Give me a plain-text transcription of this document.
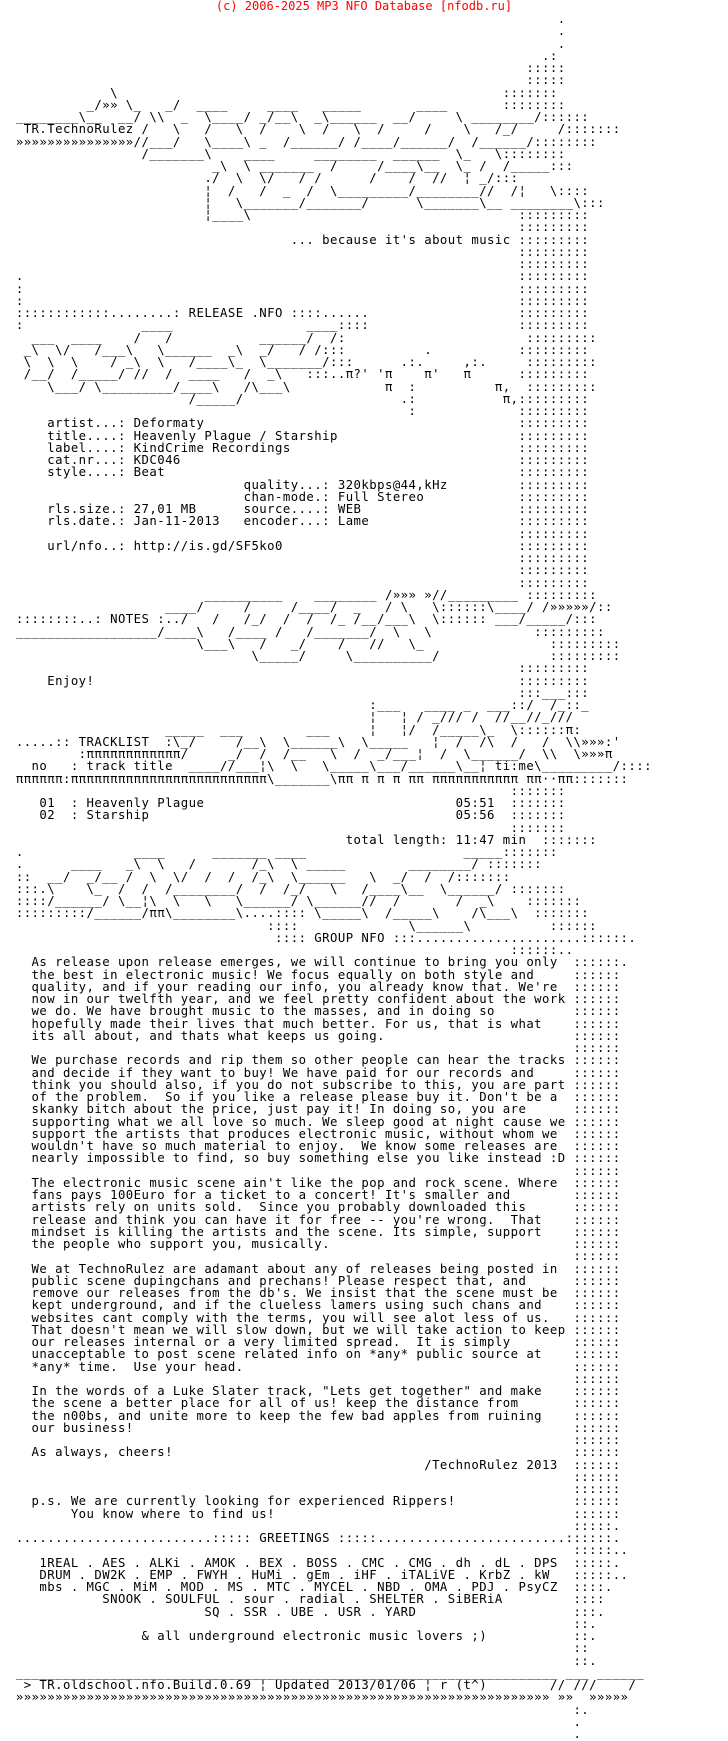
(c) 2006-2025 MP3 NFO Database [nfodb.ru]
.
.
.
.:
:::::
:::::
\                                                 :::::::
_/»» \_   _/  ____     ____   _____       ____       ::::::::
________\__  __/ \\  _  \____/ _/__\  _\______  __/     \ ________/::::::
TR.TechnoRulez /   \   /   \  /    \  /   \  /     /    \   /_/     /:::::::
»»»»»»»»»»»»»»»//___/   \____\ _  /______/ /____/______/  /______/::::::::
/_______\    ____     ________  ______  \_   \::::::::
_\  \ _______  /     /____\__  \_ /  /_____:::
./  \  \/   / /      /    /  //  ¦ _/:::
¦  /   /  _  /  \_________/________//  /¦   \::::
¦   \_______/_______/      \_______\__ ________\:::
¦____\                                  :::::::::
:::::::::
... because it's about music :::::::::
:::::::::
:::::::::
.                                                               :::::::::
:                                                               :::::::::
:                                                               :::::::::
::::::::::::........: RELEASE .NFO ::::......                   :::::::::
:               ____                 ____::::                   :::::::::
___  ____    /   /           ______/  /:                       :::::::::
_\  \/   /___\   \______  _\  _/   / /:::          .           :::::::::
\  \  \    / _\  \   /____\_  \_______/:::      .:.     ,:.     :::::::::
/__/  /_____/ //  /  ____   /  _\   :::..π?' 'π    π'   π      :::::::::
\___/ \_________/____\   /\___\            π  :          π,  :::::::::
/_____/                    .:           π,:::::::::
:             :::::::::
artist...: Deformaty                                        :::::::::
title....: Heavenly Plague / Starship                       :::::::::
label....: KindCrime Recordings                             :::::::::
cat.nr...: KDC046                                           :::::::::
style....: Beat                                             :::::::::
quality...: 320kbps@44,kHz         :::::::::
chan-mode.: Full Stereo            :::::::::
rls.size.: 27,01 MB      source....: WEB                    :::::::::
rls.date.: Jan-11-2013   encoder...: Lame                   :::::::::
:::::::::
url/nfo..: http://is.gd/SF5ko0                              :::::::::
:::::::::
:::::::::
:::::::::
__________    ________ /»»» »//_________ :::::::::
____/     /     /____/  _   / \   \::::::\____/ /»»»»»/::
::::::::..: NOTES :../   /   /_/  /  /  /_ /__/___\  \:::::: ___/_____/:::
__________________/____\   /____ /   /_______/  \   \             :::::::::
\___\   /   _/    /   //   \_                :::::::::
\_____/     \__________/              :::::::::
:::::::::
Enjoy!                                                      :::::::::
:::___:::
:___   ____ _  ___::/  /_::_
¦   ¦ / _/// /  //__//_///
_____  ___        ___     ¦   ¦/  /_____\_  \::::::π:
.....:: TRACKLIST  :\_/     /__\  \______\  \_____   ¦  /  /\  /   /  \\»»»:'
:ππππππππππππ/     _/  /  /__   \  /  _/___¦  /  \______/  \\  \»»»π
no   : track title  ____//___¦\  \   \_____\___/______\__¦ ti:me\_________/::::
ππππππ:πππππππππππππππππππππππππ\_______\ππ π π π ππ πππππππππππ ππ··ππ:::::::
:::::::
01  : Heavenly Plague                                05:51  :::::::
02  : Starship                                       05:56  :::::::
:::::::
total length: 11:47 min  :::::::
.              ____      _______ ____                    _____:::::::
.      ____   _\  \   /       /_\  \ _____        ________/ :::::::
::  __/  _/__ /  \  \/  /  /  /_\  \______   \  _/  /  /:::::::
:::.\    \_  /  /  /________/  /  /_/   \   /____\__  \______/ :::::::
::::/______/ \__¦\  \   \   \______/ \______//  /       /  _\    :::::::
:::::::::/______/ππ\________\....:::: \_____\  /_____\    /\___\  :::::::
::::              \______\          ::::::
:::: GROUP NFO :::.....................::::::.
::::::..
As release upon release emerges, we will continue to bring you only  ::::::.
the best in electronic music! We focus equally on both style and     ::::::
quality, and if your reading our info, you already know that. We're  ::::::
now in our twelfth year, and we feel pretty confident about the work ::::::
we do. We have brought music to the masses, and in doing so          ::::::
hopefully made their lives that much better. For us, that is what    ::::::
its all about, and thats what keeps us going.                        ::::::
::::::
We purchase records and rip them so other people can hear the tracks ::::::
and decide if they want to buy! We have paid for our records and     ::::::
think you should also, if you do not subscribe to this, you are part ::::::
of the problem.  So if you like a release please buy it. Don't be a  ::::::
skanky bitch about the price, just pay it! In doing so, you are      ::::::
supporting what we all love so much. We sleep good at night cause we ::::::
support the artists that produces electronic music, without whom we  ::::::
wouldn't have so much material to enjoy.  We know some releases are  ::::::
nearly impossible to find, so buy something else you like instead :D ::::::
::::::
The electronic music scene ain't like the pop and rock scene. Where  ::::::
fans pays 100Euro for a ticket to a concert! It's smaller and        ::::::
artists rely on units sold.  Since you probably downloaded this      ::::::
release and think you can have it for free -- you're wrong.  That    ::::::
mindset is killing the artists and the scene. Its simple, support    ::::::
the people who support you, musically.                               ::::::
::::::
We at TechnoRulez are adamant about any of releases being posted in  ::::::
public scene dupingchans and prechans! Please respect that, and      ::::::
remove our releases from the db's. We insist that the scene must be  ::::::
kept underground, and if the clueless lamers using such chans and    ::::::
websites cant comply with the terms, you will see alot less of us.   ::::::
That doesn't mean we will slow down, but we will take action to keep ::::::
our releases internal or a very limited spread.  It is simply        ::::::
unacceptable to post scene related info on *any* public source at    ::::::
*any* time.  Use your head.                                          ::::::
::::::
In the words of a Luke Slater track, "Lets get together" and make    ::::::
the scene a better place for all of us! keep the distance from       ::::::
the n00bs, and unite more to keep the few bad apples from ruining    ::::::
our business!                                                        ::::::
::::::
As always, cheers!                                                   ::::::
/TechnoRulez 2013  ::::::
::::::
::::::
p.s. We are currently looking for experienced Rippers!               ::::::
You know where to find us!                                      ::::::
:::::.
.........................::::: GREETINGS :::::........................::::::.
:::::..
1REAL . AES . ALKi . AMOK . BEX . BOSS . CMC . CMG . dh . dL . DPS  :::::.
DRUM . DW2K . EMP . FWYH . HuMi . gEm . iHF . iTALiVE . KrbZ . kW   :::::..
mbs . MGC . MiM . MOD . MS . MTC . MYCEL . NBD . OMA . PDJ . PsyCZ  ::::.
SNOOK . SOULFUL . sour . radial . SHELTER . SiBERiA         ::::
SQ . SSR . UBE . USR . YARD                    :::.
::.
& all underground electronic music lovers ;)           ::.
::
::.
_____________________________________________________________________ ___ ______
> TR.oldschool.nfo.Build.0.69 ¦ Updated 2013/01/06 ¦ r (t^)        // ///    /
»»»»»»»»»»»»»»»»»»»»»»»»»»»»»»»»»»»»»»»»»»»»»»»»»»»»»»»»»»»»»»»»»»»» »»  »»»»»
:.
.
.
